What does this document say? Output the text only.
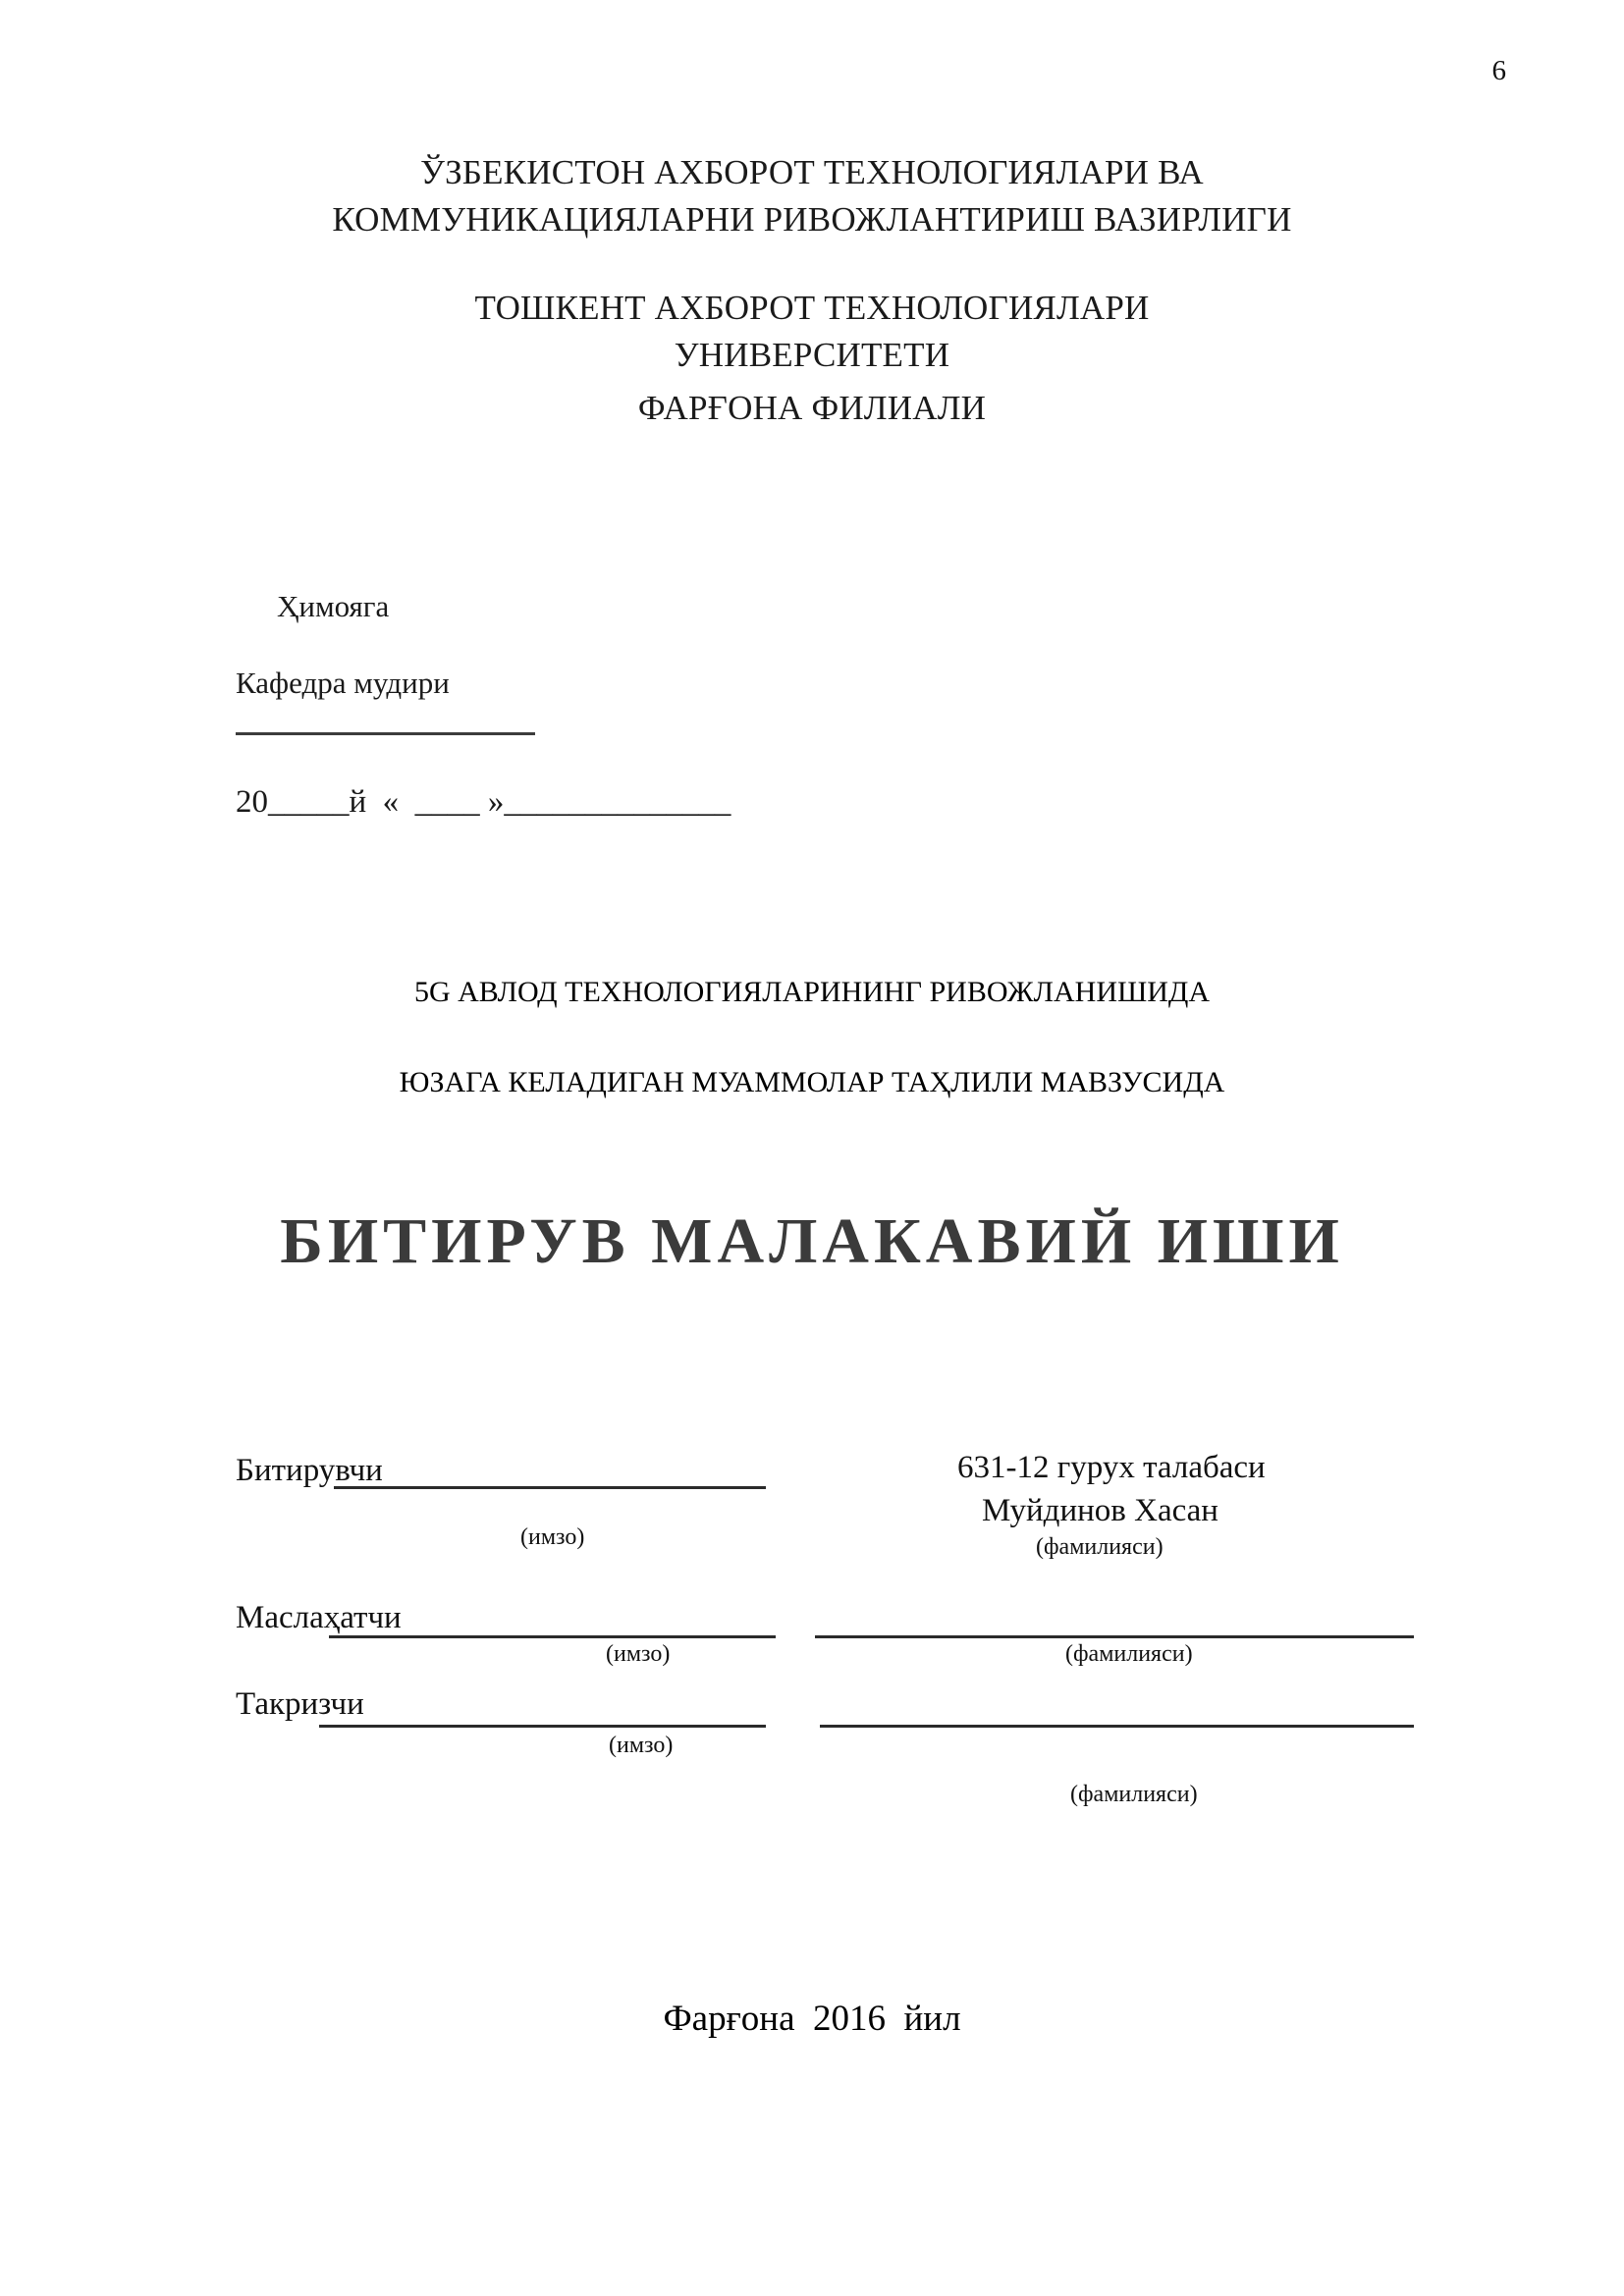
6
ЎЗБЕКИСТОН АХБОРОТ ТЕХНОЛОГИЯЛАРИ ВА
КОММУНИКАЦИЯЛАРНИ РИВОЖЛАНТИРИШ ВАЗИРЛИГИ
ТОШКЕНТ АХБОРОТ ТЕХНОЛОГИЯЛАРИ
УНИВЕРСИТЕТИ
ФАРҒОНА ФИЛИАЛИ
Ҳимояга
Кафедра мудири
20_____й  «  ____ »______________
5G АВЛОД ТЕХНОЛОГИЯЛАРИНИНГ РИВОЖЛАНИШИДА
ЮЗАГА КЕЛАДИГАН МУАММОЛАР ТАҲЛИЛИ МАВЗУСИДА
БИТИРУВ МАЛАКАВИЙ ИШИ
Битирувчи
(имзо)
631-12 гурух талабаси
Муйдинов Хасан
(фамилияси)
Маслаҳатчи
(имзо)	(фамилияси)
Такризчи
(имзо)
(фамилияси)
Фарғона  2016  йил
